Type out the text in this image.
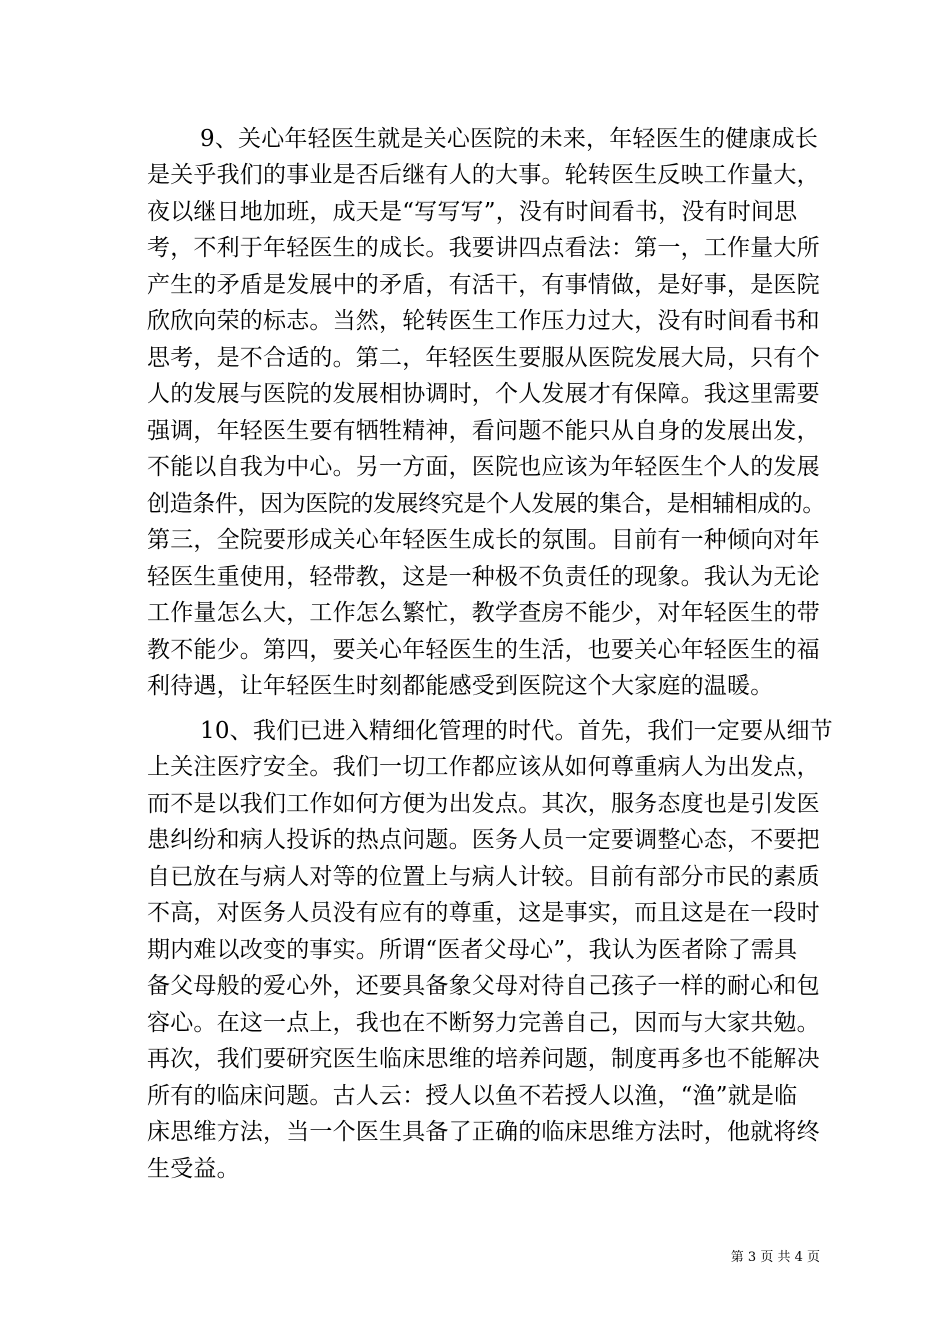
9、关心年轻医生就是关心医院的未来，年轻医生的健康成长
是关乎我们的事业是否后继有人的大事。轮转医生反映工作量大，
夜以继日地加班，成天是“写写写”，没有时间看书，没有时间思
考，不利于年轻医生的成长。我要讲四点看法：第一，工作量大所
产生的矛盾是发展中的矛盾，有活干，有事情做，是好事，是医院
欣欣向荣的标志。当然，轮转医生工作压力过大，没有时间看书和
思考，是不合适的。第二，年轻医生要服从医院发展大局，只有个
人的发展与医院的发展相协调时，个人发展才有保障。我这里需要
强调，年轻医生要有牺牲精神，看问题不能只从自身的发展出发，
不能以自我为中心。另一方面，医院也应该为年轻医生个人的发展
创造条件，因为医院的发展终究是个人发展的集合，是相辅相成的。
第三，全院要形成关心年轻医生成长的氛围。目前有一种倾向对年
轻医生重使用，轻带教，这是一种极不负责任的现象。我认为无论
工作量怎么大，工作怎么繁忙，教学查房不能少，对年轻医生的带
教不能少。第四，要关心年轻医生的生活，也要关心年轻医生的福
利待遇，让年轻医生时刻都能感受到医院这个大家庭的温暖。
10、我们已进入精细化管理的时代。首先，我们一定要从细节
上关注医疗安全。我们一切工作都应该从如何尊重病人为出发点，
而不是以我们工作如何方便为出发点。其次，服务态度也是引发医
患纠纷和病人投诉的热点问题。医务人员一定要调整心态，不要把
自已放在与病人对等的位置上与病人计较。目前有部分市民的素质
不高，对医务人员没有应有的尊重，这是事实，而且这是在一段时
期内难以改变的事实。所谓“医者父母心”，我认为医者除了需具
备父母般的爱心外，还要具备象父母对待自己孩子一样的耐心和包
容心。在这一点上，我也在不断努力完善自己，因而与大家共勉。
再次，我们要研究医生临床思维的培养问题，制度再多也不能解决
所有的临床问题。古人云：授人以鱼不若授人以渔，“渔”就是临
床思维方法，当一个医生具备了正确的临床思维方法时，他就将终
生受益。
第 3 页 共 4 页
